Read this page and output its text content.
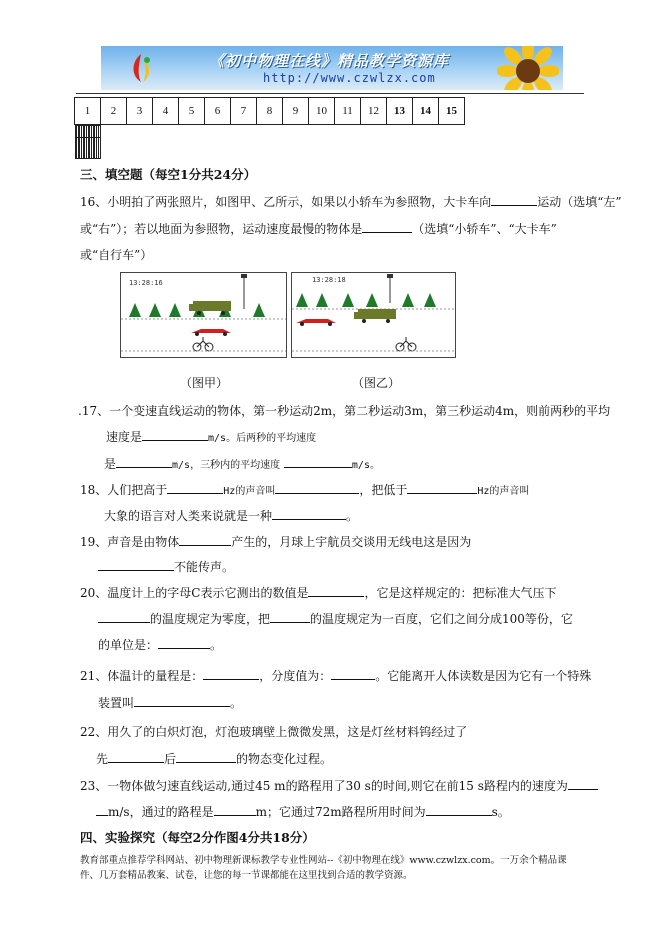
《初中物理在线》精品教学资源库
http://www.czwlzx.com
1	2	3	4	5	6	7	8	9	10	11	12	13	14	15

三、填空题（每空1分共24分）
16、小明拍了两张照片，如图甲、乙所示，如果以小轿车为参照物，大卡车向	运动（选填“左”
或“右”）；若以地面为参照物，运动速度最慢的物体是	（选填“小轿车”、“大卡车”
或“自行车”）
13:28:16	13:28:18
（图甲）	（图乙）
.17、一个变速直线运动的物体，第一秒运动2m，第二秒运动3m，第三秒运动4m，则前两秒的平均
速度是	m/s。后两秒的平均速度
是	m/s，三秒内的平均速度	m/s。
18、人们把高于	Hz的声音叫	，把低于	Hz的声音叫
大象的语言对人类来说就是一种	。
19、声音是由物体	产生的，月球上宇航员交谈用无线电这是因为
不能传声。
20、温度计上的字母C表示它测出的数值是	，它是这样规定的：把标准大气压下
的温度规定为零度，把	的温度规定为一百度，它们之间分成100等份，它
的单位是：	。
21、体温计的量程是：	，分度值为：	。它能离开人体读数是因为它有一个特殊
装置叫	。
22、用久了的白炽灯泡，灯泡玻璃壁上微微发黑，这是灯丝材料钨经过了
先	后	的物态变化过程。
23、一物体做匀速直线运动,通过45 m的路程用了30 s的时间,则它在前15 s路程内的速度为
m/s，通过的路程是	m；它通过72m路程所用时间为	s。
四、实验探究（每空2分作图4分共18分）
教育部重点推荐学科网站、初中物理新课标教学专业性网站--《初中物理在线》www.czwlzx.com。一万余个精品课
件、几万套精品教案、试卷，让您的每一节课都能在这里找到合适的教学资源。
